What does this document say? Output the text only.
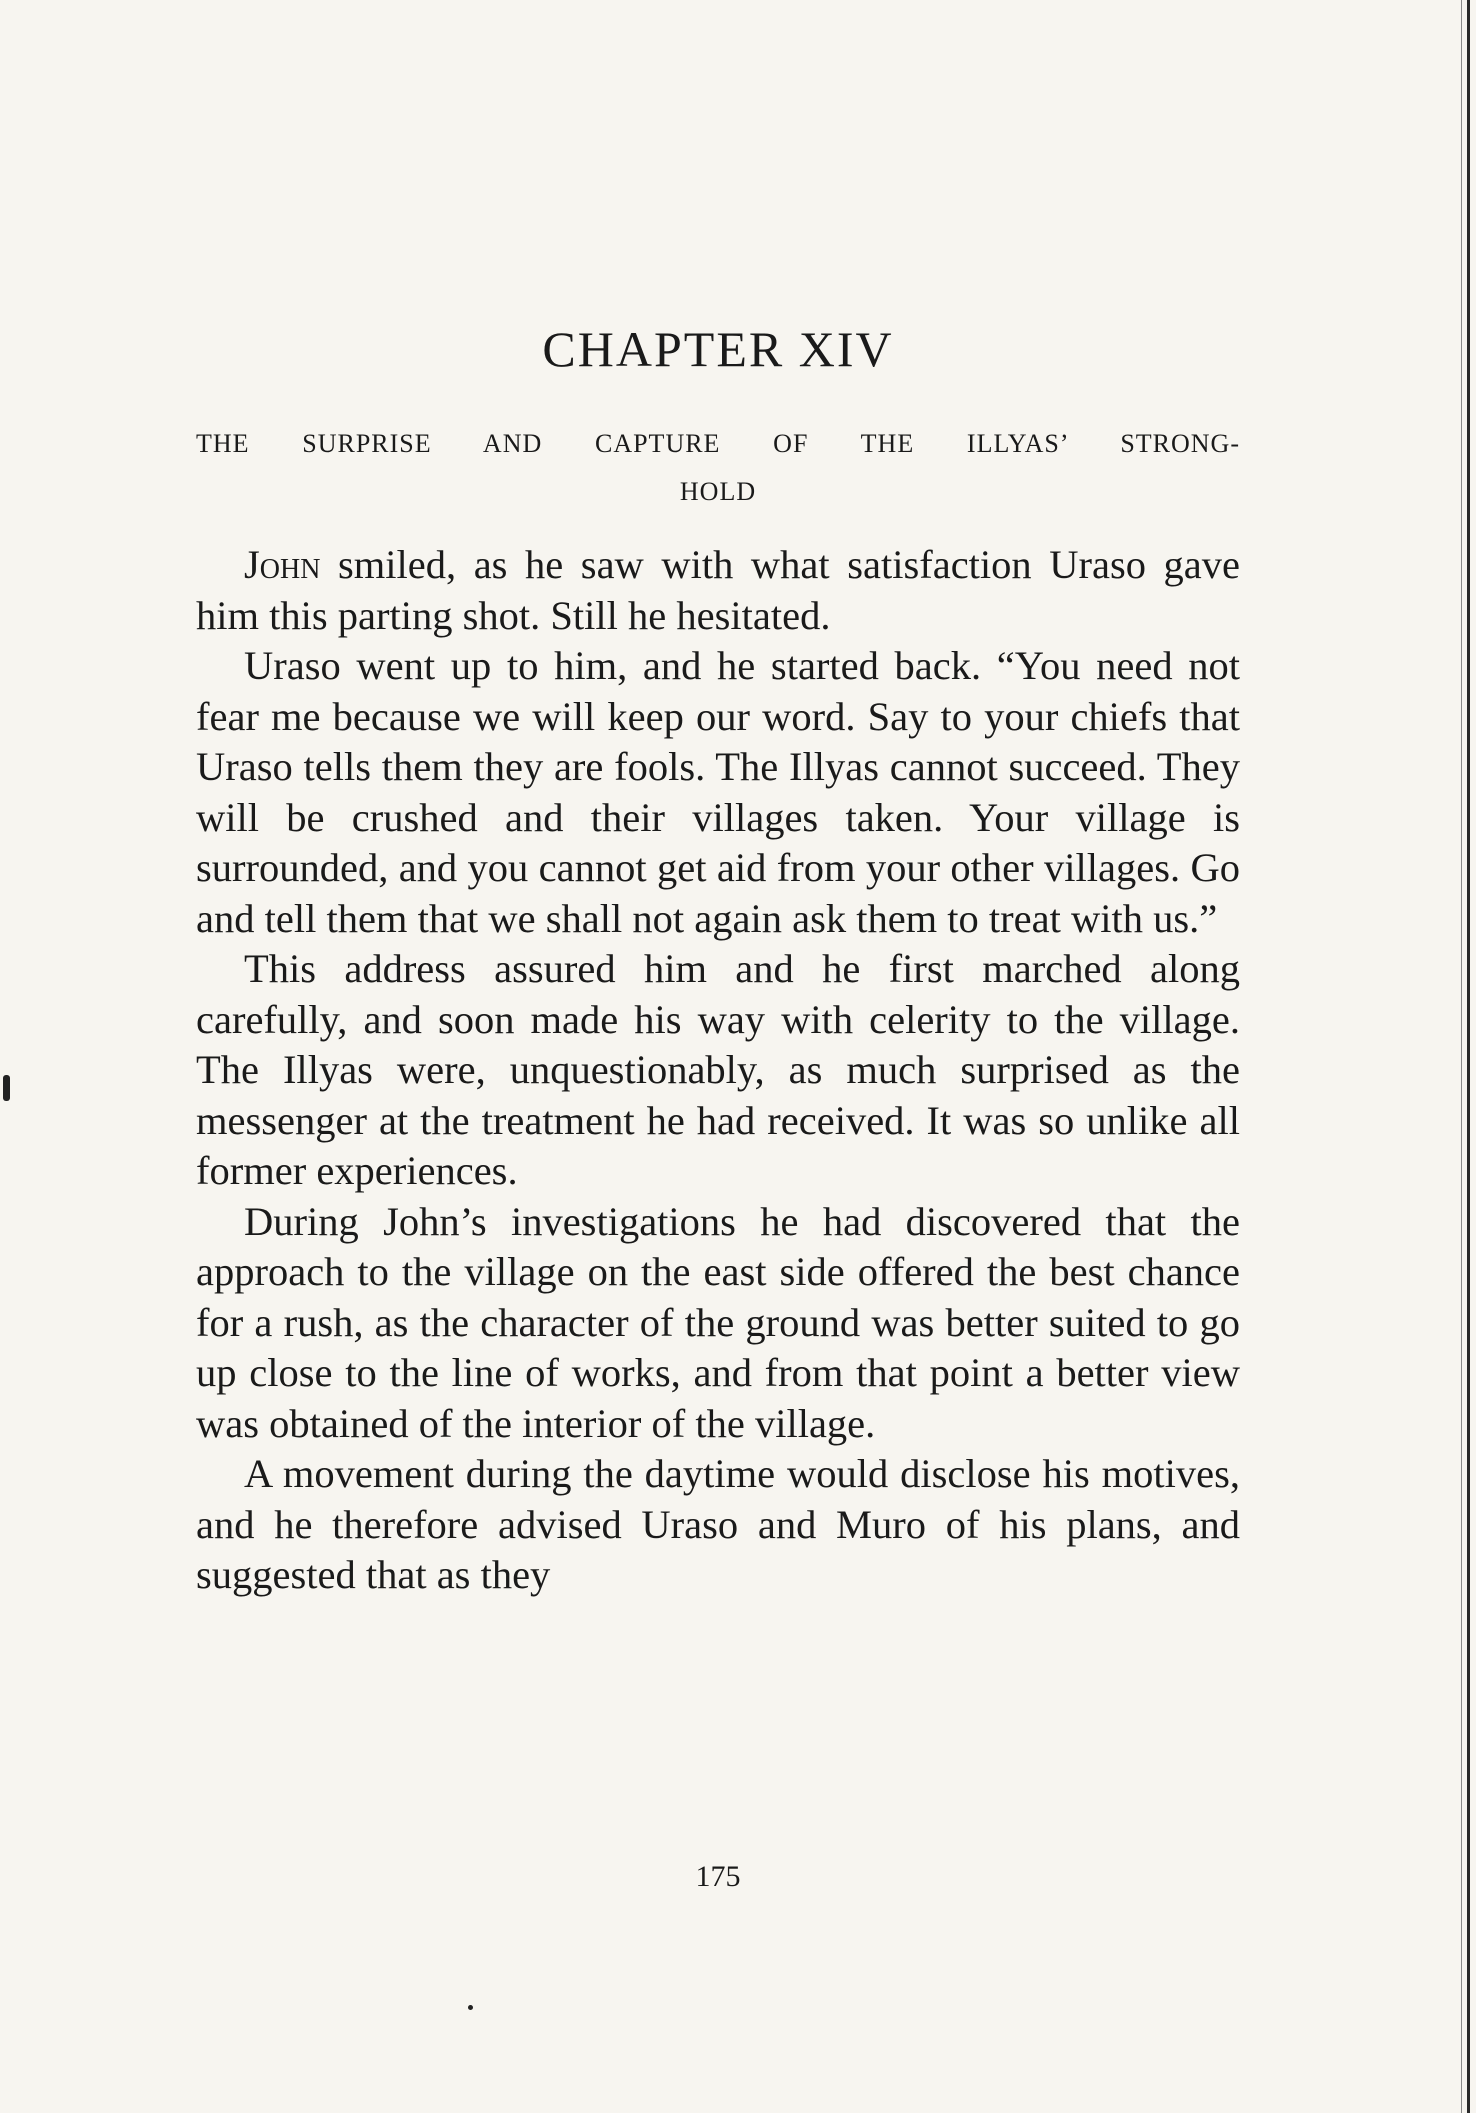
CHAPTER XIV
THE SURPRISE AND CAPTURE OF THE ILLYAS’ STRONG-
HOLD

John smiled, as he saw with what satisfaction Uraso gave him this parting shot. Still he hesitated.

Uraso went up to him, and he started back. “You need not fear me because we will keep our word. Say to your chiefs that Uraso tells them they are fools. The Illyas cannot succeed. They will be crushed and their villages taken. Your village is surrounded, and you cannot get aid from your other villages. Go and tell them that we shall not again ask them to treat with us.”

This address assured him and he first marched along carefully, and soon made his way with celerity to the village. The Illyas were, unquestionably, as much surprised as the messenger at the treatment he had received. It was so unlike all former experiences.

During John’s investigations he had discovered that the approach to the village on the east side offered the best chance for a rush, as the character of the ground was better suited to go up close to the line of works, and from that point a better view was obtained of the interior of the village.

A movement during the daytime would disclose his motives, and he therefore advised Uraso and Muro of his plans, and suggested that as they

175
